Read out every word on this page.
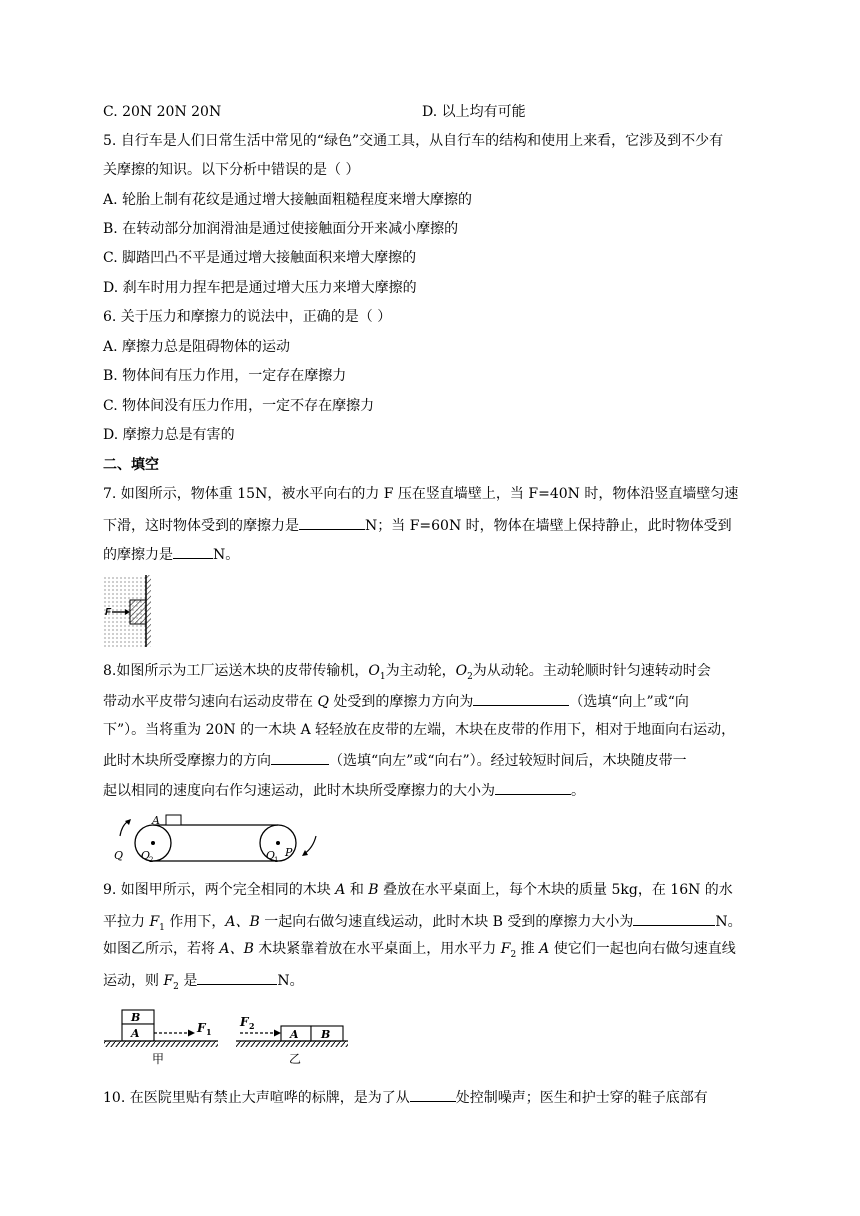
C. 20N 20N 20N	D. 以上均有可能
5. 自行车是人们日常生活中常见的“绿色”交通工具，从自行车的结构和使用上来看，它涉及到不少有
关摩擦的知识。以下分析中错误的是（ ）
A. 轮胎上制有花纹是通过增大接触面粗糙程度来增大摩擦的
B. 在转动部分加润滑油是通过使接触面分开来减小摩擦的
C. 脚踏凹凸不平是通过增大接触面积来增大摩擦的
D. 刹车时用力捏车把是通过增大压力来增大摩擦的
6. 关于压力和摩擦力的说法中，正确的是（ ）
A. 摩擦力总是阻碍物体的运动
B. 物体间有压力作用，一定存在摩擦力
C. 物体间没有压力作用，一定不存在摩擦力
D. 摩擦力总是有害的
二、填空
7. 如图所示，物体重 15N，被水平向右的力 F 压在竖直墙壁上，当 F=40N 时，物体沿竖直墙壁匀速
下滑，这时物体受到的摩擦力是	N；当 F=60N 时，物体在墙壁上保持静止，此时物体受到
的摩擦力是	N。
F
8.如图所示为工厂运送木块的皮带传输机，$O_1$为主动轮，$O_2$为从动轮。主动轮顺时针匀速转动时会
带动水平皮带匀速向右运动皮带在 Q 处受到的摩擦力方向为	（选填“向上”或“向
下”）。当将重为 20N 的一木块 A 轻轻放在皮带的左端，木块在皮带的作用下，相对于地面向右运动，
此时木块所受摩擦力的方向	（选填“向左”或“向右”）。经过较短时间后，木块随皮带一
起以相同的速度向右作匀速运动，此时木块所受摩擦力的大小为	。
A
Q O
2	O
1
P
9. 如图甲所示，两个完全相同的木块 A 和 B 叠放在水平桌面上，每个木块的质量 5kg，在 16N 的水
平拉力 $F_1$ 作用下，A、B 一起向右做匀速直线运动，此时木块 B 受到的摩擦力大小为	N。
如图乙所示，若将 A、B 木块紧靠着放在水平桌面上，用水平力 $F_2$ 推 A 使它们一起也向右做匀速直线
运动，则 $F_2$ 是	N。
B
A	F 1
甲
F 2
A B
乙
10. 在医院里贴有禁止大声喧哗的标牌，是为了从	处控制噪声；医生和护士穿的鞋子底部有
